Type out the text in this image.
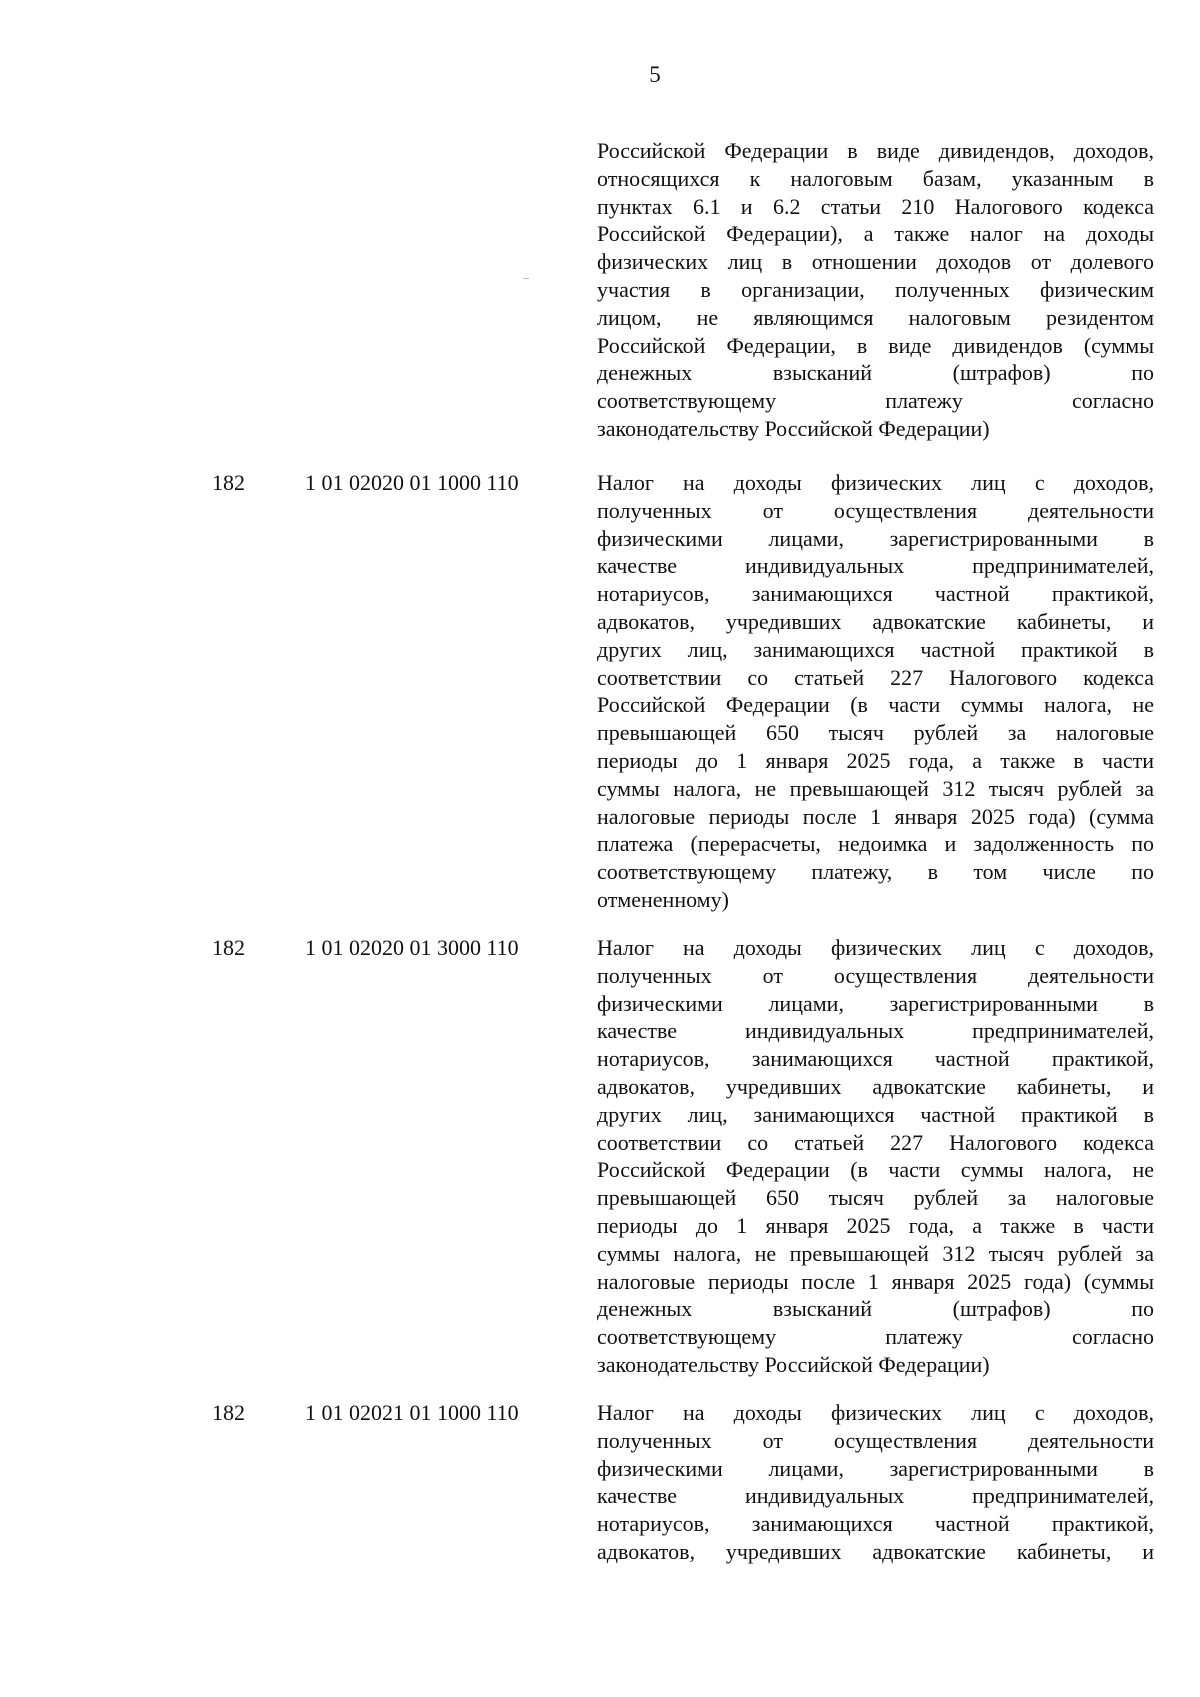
5
Российской Федерации в виде дивидендов, доходов,
относящихся к налоговым базам, указанным в
пунктах 6.1 и 6.2 статьи 210 Налогового кодекса
Российской Федерации), а также налог на доходы
физических лиц в отношении доходов от долевого
участия в организации, полученных физическим
лицом, не являющимся налоговым резидентом
Российской Федерации, в виде дивидендов (суммы
денежных взысканий (штрафов) по
соответствующему платежу согласно
законодательству Российской Федерации)
182	1 01 02020 01 1000 110	Налог на доходы физических лиц с доходов,
полученных от осуществления деятельности
физическими лицами, зарегистрированными в
качестве индивидуальных предпринимателей,
нотариусов, занимающихся частной практикой,
адвокатов, учредивших адвокатские кабинеты, и
других лиц, занимающихся частной практикой в
соответствии со статьей 227 Налогового кодекса
Российской Федерации (в части суммы налога, не
превышающей 650 тысяч рублей за налоговые
периоды до 1 января 2025 года, а также в части
суммы налога, не превышающей 312 тысяч рублей за
налоговые периоды после 1 января 2025 года) (сумма
платежа (перерасчеты, недоимка и задолженность по
соответствующему платежу, в том числе по
отмененному)
182	1 01 02020 01 3000 110	Налог на доходы физических лиц с доходов,
полученных от осуществления деятельности
физическими лицами, зарегистрированными в
качестве индивидуальных предпринимателей,
нотариусов, занимающихся частной практикой,
адвокатов, учредивших адвокатские кабинеты, и
других лиц, занимающихся частной практикой в
соответствии со статьей 227 Налогового кодекса
Российской Федерации (в части суммы налога, не
превышающей 650 тысяч рублей за налоговые
периоды до 1 января 2025 года, а также в части
суммы налога, не превышающей 312 тысяч рублей за
налоговые периоды после 1 января 2025 года) (суммы
денежных взысканий (штрафов) по
соответствующему платежу согласно
законодательству Российской Федерации)
182	1 01 02021 01 1000 110	Налог на доходы физических лиц с доходов,
полученных от осуществления деятельности
физическими лицами, зарегистрированными в
качестве индивидуальных предпринимателей,
нотариусов, занимающихся частной практикой,
адвокатов, учредивших адвокатские кабинеты, и
